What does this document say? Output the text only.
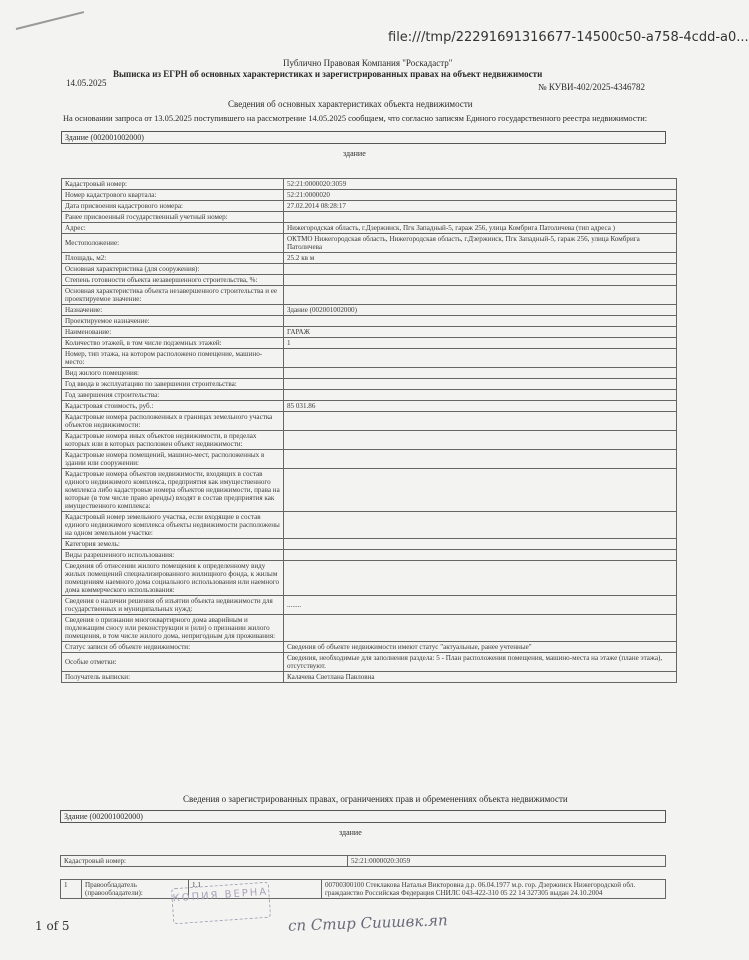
file:///tmp/22291691316677-14500c50-a758-4cdd-a0...
Публично Правовая Компания "Роскадастр"
Выписка из ЕГРН об основных характеристиках и зарегистрированных правах на объект недвижимости
14.05.2025	№ КУВИ-402/2025-4346782
Сведения об основных характеристиках объекта недвижимости
На основании запроса от 13.05.2025 поступившего на рассмотрение 14.05.2025 сообщаем, что согласно записям Единого государственного реестра недвижимости:
Здание (002001002000)
здание
Кадастровый номер:	52:21:0000020:3059
Номер кадастрового квартала:	52:21:0000020
Дата присвоения кадастрового номера:	27.02.2014 08:28:17
Ранее присвоенный государственный учетный номер:	
Адрес:	Нижегородская область, г.Дзержинск, Пгк Западный-5, гараж 256, улица Комбрига Патоличева (тип адреса )
Местоположение:	ОКТМО Нижегородская область, Нижегородская область, г.Дзержинск, Пгк Западный-5, гараж 256, улица Комбрига Патоличева
Площадь, м2:	25.2 кв м
Основная характеристика (для сооружения):	
Степень готовности объекта незавершенного строительства, %:	
Основная характеристика объекта незавершенного строительства и ее проектируемое значение:	
Назначение:	Здание (002001002000)
Проектируемое назначение:	
Наименование:	ГАРАЖ
Количество этажей, в том числе подземных этажей:	1
Номер, тип этажа, на котором расположено помещение, машино-место:	
Вид жилого помещения:	
Год ввода в эксплуатацию по завершении строительства:	
Год завершения строительства:	
Кадастровая стоимость, руб.:	85 031.86
Кадастровые номера расположенных в границах земельного участка объектов недвижимости:	
Кадастровые номера иных объектов недвижимости, в пределах которых или в которых расположен объект недвижимости:	
Кадастровые номера помещений, машино-мест, расположенных в здании или сооружении:	
Кадастровые номера объектов недвижимости, входящих в состав единого недвижимого комплекса, предприятия как имущественного комплекса либо кадастровые номера объектов недвижимости, права на которые (в том числе право аренды) входят в состав предприятия как имущественного комплекса:	
Кадастровый номер земельного участка, если входящие в состав единого недвижимого комплекса объекты недвижимости расположены на одном земельном участке:	
Категория земель:	
Виды разрешенного использования:	
Сведения об отнесении жилого помещения к определенному виду жилых помещений специализированного жилищного фонда, к жилым помещениям наемного дома социального использования или наемного дома коммерческого использования:	
Сведения о наличии решения об изъятии объекта недвижимости для государственных и муниципальных нужд:	........
Сведения о признании многоквартирного дома аварийным и подлежащим сносу или реконструкции и (или) о признании жилого помещения, в том числе жилого дома, непригодным для проживания:	
Статус записи об объекте недвижимости:	Сведения об объекте недвижимости имеют статус "актуальные, ранее учтенные"
Особые отметки:	Сведения, необходимые для заполнения раздела: 5 - План расположения помещения, машино-места на этаже (плане этажа), отсутствуют.
Получатель выписки:	Калачева Светлана Павловна
Сведения о зарегистрированных правах, ограничениях прав и обременениях объекта недвижимости
Здание (002001002000)
здание
Кадастровый номер:	52:21:0000020:3059
1	Правообладатель (правообладатели):	1.1	00700300100 Стеклакова Наталья Викторовна д.р. 06.04.1977 м.р. гор. Дзержинск Нижегородской обл. гражданство Российская Федерация СНИЛС 043-422-310 05 22 14 327305 выдан 24.10.2004
КОПИЯ ВЕРНА
сп Стир Сиишвк.яп
1 of 5
